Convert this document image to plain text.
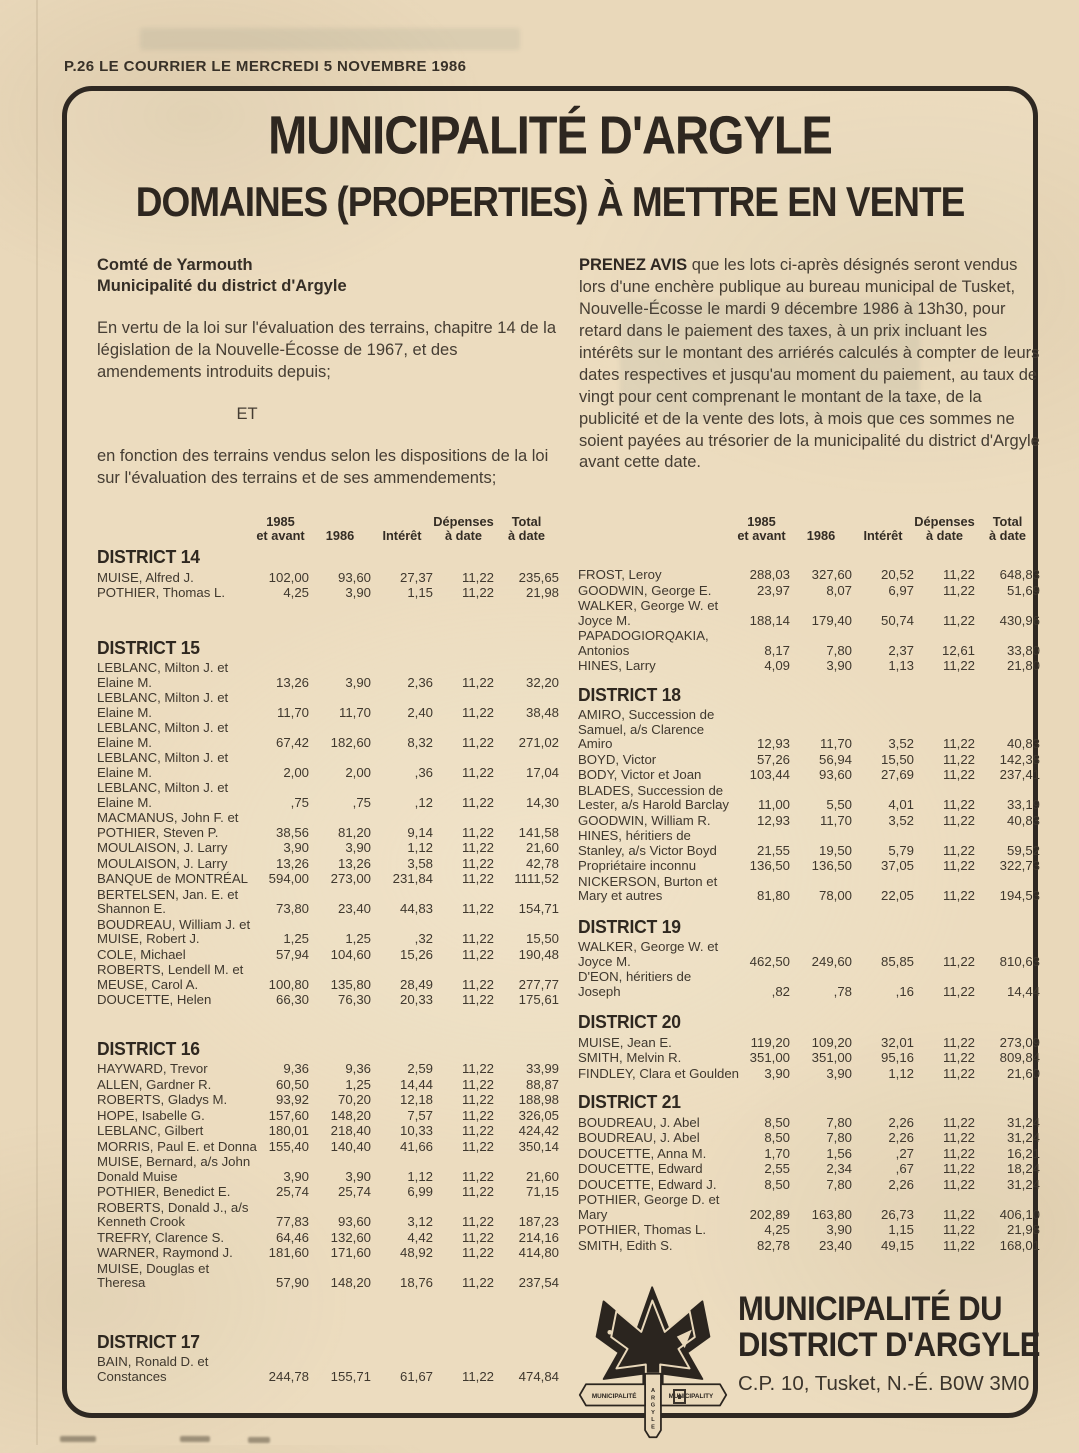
P.26 LE COURRIER LE MERCREDI 5 NOVEMBRE 1986
MUNICIPALITÉ D'ARGYLE
DOMAINES (PROPERTIES) À METTRE EN VENTE
Comté de Yarmouth
Municipalité du district d'Argyle

En vertu de la loi sur l'évaluation des terrains, chapitre 14 de la législation de la Nouvelle-Écosse de 1967, et des amendements introduits depuis;

ET

en fonction des terrains vendus selon les dispositions de la loi sur l'évaluation des terrains et de ses ammendements;

PRENEZ AVIS que les lots ci-après désignés seront vendus lors d'une enchère publique au bureau municipal de Tusket, Nouvelle-Écosse le mardi 9 décembre 1986 à 13h30, pour retard dans le paiement des taxes, à un prix incluant les intérêts sur le montant des arriérés calculés à compter de leurs dates respectives et jusqu'au moment du paiement, au taux de vingt pour cent comprenant le montant de la taxe, de la publicité et de la vente des lots, à mois que ces sommes ne soient payées au trésorier de la municipalité du district d'Argyle avant cette date.

1985
et avant	1986	Intérêt
Dépenses
à date
Total
à date
DISTRICT 14
MUISE, Alfred J.	102,00	93,60	27,37	11,22	235,65
POTHIER, Thomas L.	4,25	3,90	1,15	11,22	21,98
DISTRICT 15
LEBLANC, Milton J. et
Elaine M.	13,26	3,90	2,36	11,22	32,20
LEBLANC, Milton J. et
Elaine M.	11,70	11,70	2,40	11,22	38,48
LEBLANC, Milton J. et
Elaine M.	67,42	182,60	8,32	11,22	271,02
LEBLANC, Milton J. et
Elaine M.	2,00	2,00	,36	11,22	17,04
LEBLANC, Milton J. et
Elaine M.	,75	,75	,12	11,22	14,30
MACMANUS, John F. et
POTHIER, Steven P.	38,56	81,20	9,14	11,22	141,58
MOULAISON, J. Larry	3,90	3,90	1,12	11,22	21,60
MOULAISON, J. Larry	13,26	13,26	3,58	11,22	42,78
BANQUE de MONTRÉAL	594,00	273,00	231,84	11,22	1111,52
BERTELSEN, Jan. E. et
Shannon E.	73,80	23,40	44,83	11,22	154,71
BOUDREAU, William J. et
MUISE, Robert J.	1,25	1,25	,32	11,22	15,50
COLE, Michael	57,94	104,60	15,26	11,22	190,48
ROBERTS, Lendell M. et
MEUSE, Carol A.	100,80	135,80	28,49	11,22	277,77
DOUCETTE, Helen	66,30	76,30	20,33	11,22	175,61
DISTRICT 16
HAYWARD, Trevor	9,36	9,36	2,59	11,22	33,99
ALLEN, Gardner R.	60,50	1,25	14,44	11,22	88,87
ROBERTS, Gladys M.	93,92	70,20	12,18	11,22	188,98
HOPE, Isabelle G.	157,60	148,20	7,57	11,22	326,05
LEBLANC, Gilbert	180,01	218,40	10,33	11,22	424,42
MORRIS, Paul E. et Donna 155,40	140,40	41,66	11,22	350,14
MUISE, Bernard, a/s John
Donald Muise	3,90	3,90	1,12	11,22	21,60
POTHIER, Benedict E.	25,74	25,74	6,99	11,22	71,15
ROBERTS, Donald J., a/s
Kenneth Crook	77,83	93,60	3,12	11,22	187,23
TREFRY, Clarence S.	64,46	132,60	4,42	11,22	214,16
WARNER, Raymond J.	181,60	171,60	48,92	11,22	414,80
MUISE, Douglas et
Theresa	57,90	148,20	18,76	11,22	237,54
DISTRICT 17
BAIN, Ronald D. et
Constances	244,78	155,71	61,67	11,22	474,84
1985
et avant	1986	Intérêt
Dépenses
à date
Total
à date
FROST, Leroy	288,03	327,60	20,52	11,22	648,83
GOODWIN, George E.	23,97	8,07	6,97	11,22	51,69
WALKER, George W. et
Joyce M.	188,14	179,40	50,74	11,22	430,96
PAPADOGIORQAKIA,
Antonios	8,17	7,80	2,37	12,61	33,80
HINES, Larry	4,09	3,90	1,13	11,22	21,80
DISTRICT 18
AMIRO, Succession de
Samuel, a/s Clarence
Amiro	12,93	11,70	3,52	11,22	40,83
BOYD, Victor	57,26	56,94	15,50	11,22	142,38
BODY, Victor et Joan	103,44	93,60	27,69	11,22	237,41
BLADES, Succession de
Lester, a/s Harold Barclay	11,00	5,50	4,01	11,22	33,19
GOODWIN, William R.	12,93	11,70	3,52	11,22	40,83
HINES, héritiers de
Stanley, a/s Victor Boyd	21,55	19,50	5,79	11,22	59,52
Propriétaire inconnu	136,50	136,50	37,05	11,22	322,73
NICKERSON, Burton et
Mary et autres	81,80	78,00	22,05	11,22	194,53
DISTRICT 19
WALKER, George W. et
Joyce M.	462,50	249,60	85,85	11,22	810,63
D'EON, héritiers de
Joseph	,82	,78	,16	11,22	14,44
DISTRICT 20
MUISE, Jean E.	119,20	109,20	32,01	11,22	273,09
SMITH, Melvin R.	351,00	351,00	95,16	11,22	809,84
FINDLEY, Clara et Goulden	3,90	3,90	1,12	11,22	21,60
DISTRICT 21
BOUDREAU, J. Abel	8,50	7,80	2,26	11,22	31,24
BOUDREAU, J. Abel	8,50	7,80	2,26	11,22	31,24
DOUCETTE, Anna M.	1,70	1,56	,27	11,22	16,21
DOUCETTE, Edward	2,55	2,34	,67	11,22	18,24
DOUCETTE, Edward J.	8,50	7,80	2,26	11,22	31,24
POTHIER, George D. et
Mary	202,89	163,80	26,73	11,22	406,10
POTHIER, Thomas L.	4,25	3,90	1,15	11,22	21,98
SMITH, Edith S.	82,78	23,40	49,15	11,22	168,01
MUNICIPALITÉ	MUNICIPALITY
A R G Y L E
MUNICIPALITÉ DU
DISTRICT D'ARGYLE
C.P. 10, Tusket, N.-É. B0W 3M0
